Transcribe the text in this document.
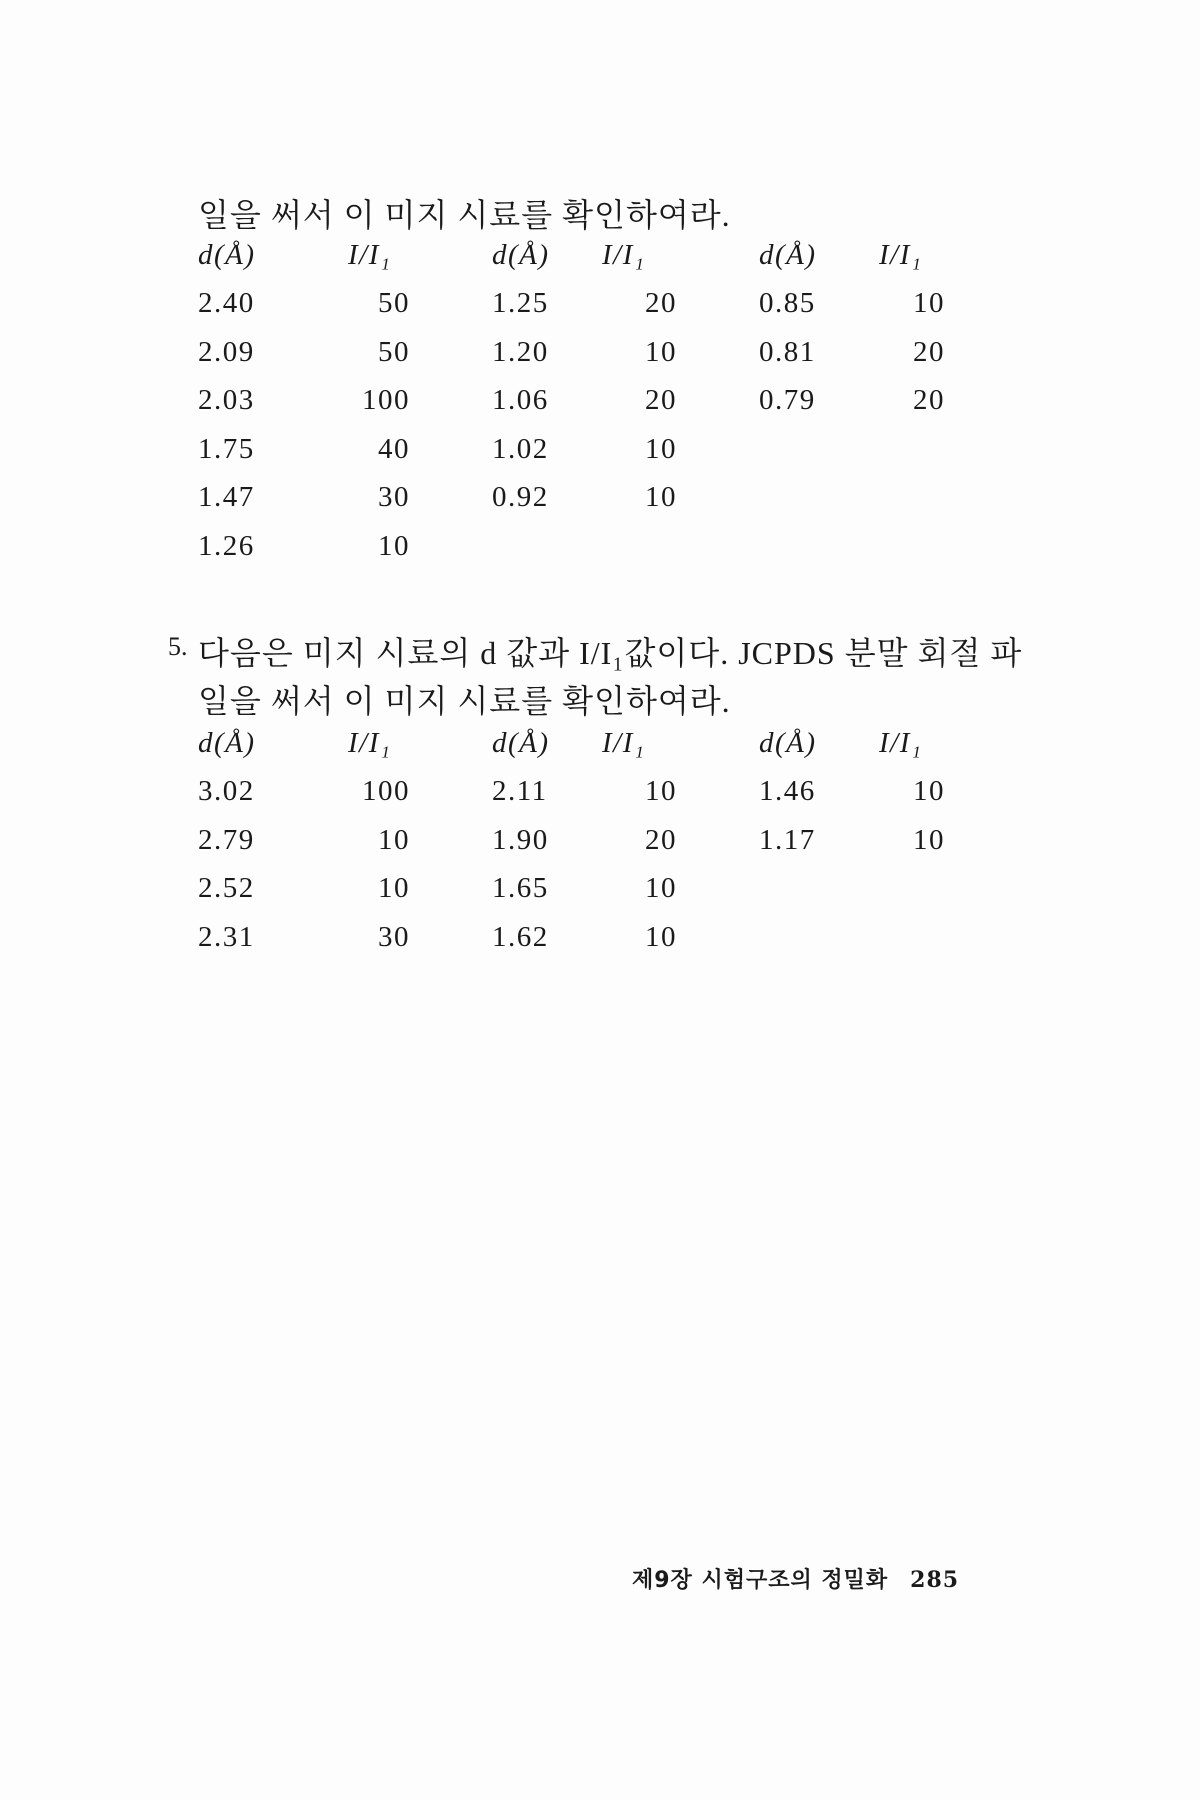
일을 써서 이 미지 시료를 확인하여라.
d(Å)	I/I₁		d(Å)	I/I₁		d(Å)	I/I₁
2.40	50		1.25	20		0.85	10
2.09	50		1.20	10		0.81	20
2.03	100		1.06	20		0.79	20
1.75	40		1.02	10			
1.47	30		0.92	10			
1.26	10						
5. 다음은 미지 시료의 d 값과 I/I₁값이다. JCPDS 분말 회절 파
일을 써서 이 미지 시료를 확인하여라.
d(Å)	I/I₁		d(Å)	I/I₁		d(Å)	I/I₁
3.02	100		2.11	10		1.46	10
2.79	10		1.90	20		1.17	10
2.52	10		1.65	10			
2.31	30		1.62	10			
제9장 시험구조의 정밀화 285
